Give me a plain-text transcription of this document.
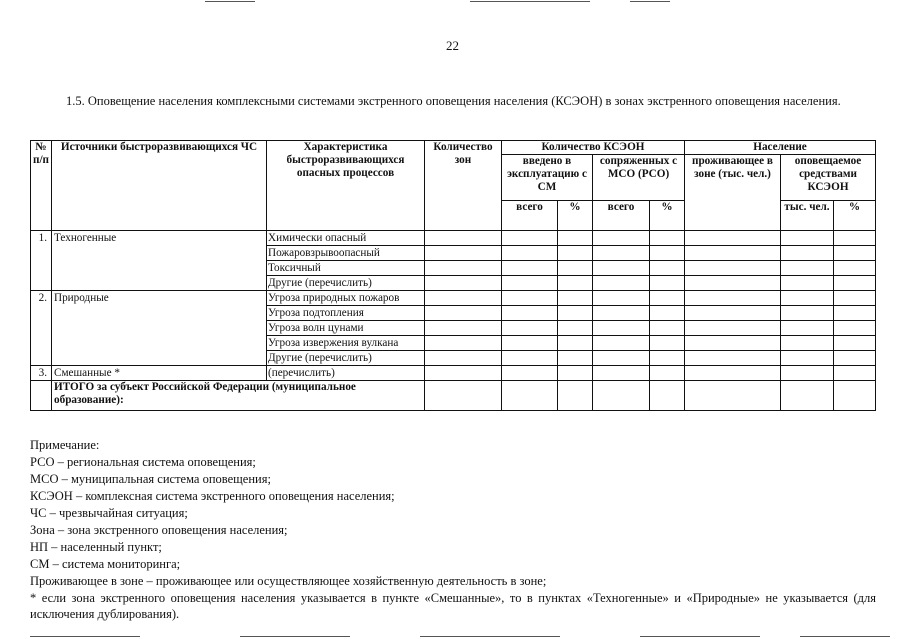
22
1.5. Оповещение населения комплексными системами экстренного оповещения населения (КСЭОН) в зонах экстренного оповещения населения.
№ п/п	Источники быстроразвивающихся ЧС	Характеристика быстроразвивающихся опасных процессов	Количество зон	Количество КСЭОН				Население		
				введено в эксплуатацию с СМ		сопряженных с МСО (РСО)		проживающее в зоне (тыс. чел.)	оповещаемое средствами КСЭОН	
				всего	%	всего	%		тыс. чел.	%
1.	Техногенные	Химически опасный								
		Пожаровзрывоопасный								
		Токсичный								
		Другие (перечислить)								
2.	Природные	Угроза природных пожаров								
		Угроза подтопления								
		Угроза волн цунами								
		Угроза извержения вулкана								
		Другие (перечислить)								
3.	Смешанные *	(перечислить)								
	ИТОГО за субъект Российской Федерации (муниципальное образование):									
Примечание:
РСО – региональная система оповещения;
МСО – муниципальная система оповещения;
КСЭОН – комплексная система экстренного оповещения населения;
ЧС – чрезвычайная ситуация;
Зона – зона экстренного оповещения населения;
НП – населенный пункт;
СМ – система мониторинга;
Проживающее в зоне – проживающее или осуществляющее хозяйственную деятельность в зоне;
* если зона экстренного оповещения населения указывается в пункте «Смешанные», то в пунктах «Техногенные» и «Природные» не указывается (для исключения дублирования).
